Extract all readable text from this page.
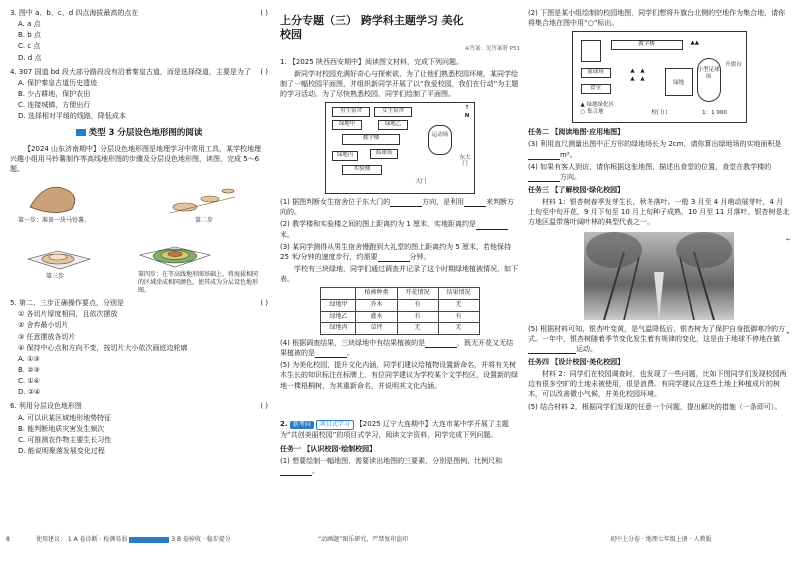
3. 图中 a、b、c、d 四点海拔最高的点在	( )

A. a 点

B. b 点

C. c 点

D. d 点

4. 307 国道 bd 段大部分路段没有沿着秦皇古道，而是选择绕道，主要是为了 ( )

A. 保护秦皇古道历史遗迹

B. 少占耕地，保护农田

C. 连接城镇，方便出行

D. 选择相对平缓的线路，降低成本

类型 3 分层设色地形图的阅读

【2024 山东济南期中】分层设色地形图是地理学习中常用工具，某学校地理兴趣小组用马铃薯制作等高线地形图的步骤及分层设色地形图，读图，完成 5～6 题。

第一步：准备一块马铃薯。	第二步
第三步	第四步：在等高线地形图基础上，将海拔相同的区域涂成相同颜色，使其成为分层设色地形图。

5. 第二、三步正确操作要点，分别是	( )

① 各切片厚度相同，且依次摆放

② 舍弃最小切片

③ 任意摆放各切片

④ 保持中心点和方向不变，按切片大小依次画底边轮廓

A. ①③

B. ②③

C. ①④

D. ②④

6. 利用分层设色地形图	( )

A. 可以识某区域地形地势特征

B. 能判断地质灾害发生频次

C. 可推测农作物主要生长习性

D. 能说明聚落发展变化过程

上分专题（三） 跨学科主题学习 美化
校园
※答案：见答案册 P51

1. 【2025 陕西西安期中】阅读图文材料，完成下列问题。

新同学对校园充满好奇心与探索欲，为了让他们熟悉校园环境，某同学绘制了一幅校园平面图，并组织新同学开展了以“我爱校园，我们在行动”为主题的学习活动。为了尽快熟悉校园，同学们绘制了平面图。

男生宿舍	女生宿舍
绿地甲	绿地乙
教学楼	运动场
绿地丙	篮球场
实验楼
大门
东大门
↑
N

(1) 据图判断女生宿舍位于东大门的	方向，是利用	来判断方向的。

(2) 教学楼和实验楼之间的图上距离约为 1 厘米，实地距离约是米。

(3) 某同学测得从男生宿舍慢跑到大礼堂的图上距离约为 5 厘米，若他保持 25 米/分钟的速度步行，约需要	分钟。

学校有三块绿地，同学们通过调查并记录了这个时期绿地植被情况，如下表。

	植被种类	开花情况	结果情况
绿地甲	乔木	有	无
绿地乙	灌木	有	有
绿地丙	草坪	无	无

(4) 根据调查结果，三块绿地中有结果植被的是	，既无开花又无结果植被的是	。

(5) 为美化校园，提升文化内涵，同学们建议给植物设置新命名，并将有关树木生长的知识标注在标牌上，有位同学建议为学校某个文学校区，设置新的绿地一棵梧桐树，为其重新命名，并说明其文化内涵。

2. 新考向 项目式学习 【2025 辽宁大连期中】大连市某中学开展了主题为“共创美丽校园”的项目式学习，阅读文字资料，同学完成下列问题。

任务一 【认识校园·绘制校园】

(1) 想要绘制一幅地图，需要读出地图的三要素，分别是图例、比例尺和。

(2) 下图是某小组绘制的校园地图，同学们想将升旗台北侧的空地作为集合地，请你将集合地在图中用“○”标出。

教学楼	▲▲
篮球场
食堂
▲ ▲
▲ ▲
绿地
小型足球场
升旗台
▲ 绿地绿化区
○ 集合地	校门口	1：1 000

任务二 【阅读地图·应用地图】

(3) 利用直尺测量出图中正方形的绿地场长为 2cm，请你算出绿地场的实地面积是m²。

(4) 如果有客人到访，请你根据这张地图，描述出食堂的位置，食堂在教学楼的方向。

任务三 【了解校园·绿化校园】

材料 1：银杏树春季发芽生长，秋冬落叶。一般 3 月至 4 月萌动展芽叶，4 月上旬至中旬开花，9 月下旬至 10 月上旬种子成熟，10 月至 11 月落叶。银杏树是北方地区温带落叶阔叶林的典型代表之一。

(5) 根据材料可知，银杏叶变黄，是气温降低后，银杏树为了保护自身抵御寒冷的方式。一年中，银杏树随着季节变化发生着有规律的变化，这是由于地球不停地在做运动。

任务四 【设计校园·美化校园】

材料 2：同学们在校园调查时，也发现了一些问题，比如下图同学们发现校园两边有很多空旷的土地未被使用，很是浪费。有同学建议在这些土地上种植成片的树木，可以改善微小气候，并美化校园环境。

(5) 结合材料 2，根据同学们发现的任意一个问题，提出解决的措施（一条即可）。

←
•
8	使用建议： 1 A 卷诊断 · 检测易弱	3 B 卷验收 · 稳步提分	“动画题”图乐研究，严禁复印盗印	初中上分卷 · 地理七年级上册 · 人教版
